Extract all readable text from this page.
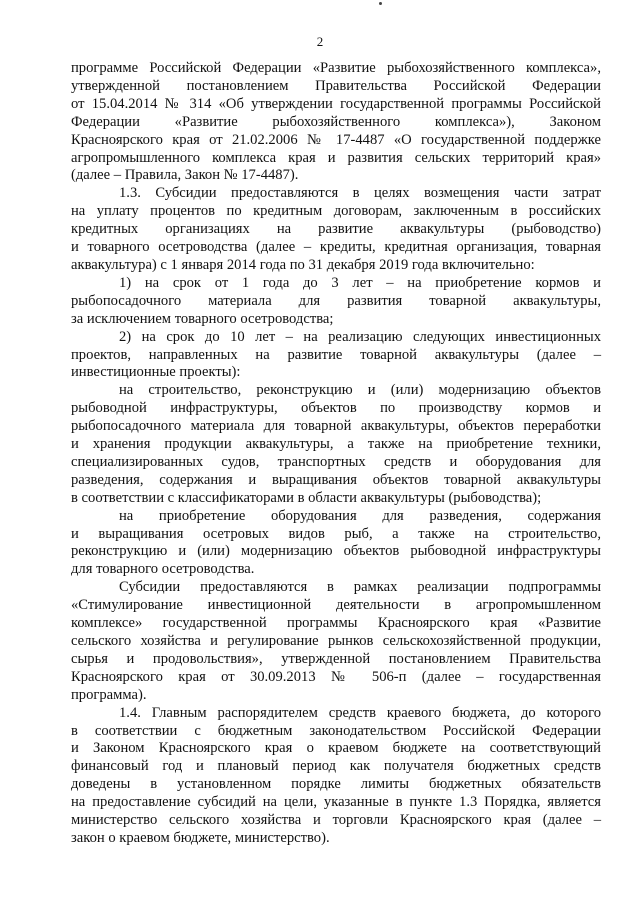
2
программе Российской Федерации «Развитие рыбохозяйственного комплекса»,
утвержденной постановлением Правительства Российской Федерации
от 15.04.2014 № 314 «Об утверждении государственной программы Российской
Федерации «Развитие рыбохозяйственного комплекса»), Законом
Красноярского края от 21.02.2006 № 17-4487 «О государственной поддержке
агропромышленного комплекса края и развития сельских территорий края»
(далее – Правила, Закон № 17-4487).
1.3. Субсидии предоставляются в целях возмещения части затрат
на уплату процентов по кредитным договорам, заключенным в российских
кредитных организациях на развитие аквакультуры (рыбоводство)
и товарного осетроводства (далее – кредиты, кредитная организация, товарная
аквакультура) с 1 января 2014 года по 31 декабря 2019 года включительно:
1) на срок от 1 года до 3 лет – на приобретение кормов и
рыбопосадочного материала для развития товарной аквакультуры,
за исключением товарного осетроводства;
2) на срок до 10 лет – на реализацию следующих инвестиционных
проектов, направленных на развитие товарной аквакультуры (далее –
инвестиционные проекты):
на строительство, реконструкцию и (или) модернизацию объектов
рыбоводной инфраструктуры, объектов по производству кормов и
рыбопосадочного материала для товарной аквакультуры, объектов переработки
и хранения продукции аквакультуры, а также на приобретение техники,
специализированных судов, транспортных средств и оборудования для
разведения, содержания и выращивания объектов товарной аквакультуры
в соответствии с классификаторами в области аквакультуры (рыбоводства);
на приобретение оборудования для разведения, содержания
и выращивания осетровых видов рыб, а также на строительство,
реконструкцию и (или) модернизацию объектов рыбоводной инфраструктуры
для товарного осетроводства.
Субсидии предоставляются в рамках реализации подпрограммы
«Стимулирование инвестиционной деятельности в агропромышленном
комплексе» государственной программы Красноярского края «Развитие
сельского хозяйства и регулирование рынков сельскохозяйственной продукции,
сырья и продовольствия», утвержденной постановлением Правительства
Красноярского края от 30.09.2013 № 506-п (далее – государственная
программа).
1.4. Главным распорядителем средств краевого бюджета, до которого
в соответствии с бюджетным законодательством Российской Федерации
и Законом Красноярского края о краевом бюджете на соответствующий
финансовый год и плановый период как получателя бюджетных средств
доведены в установленном порядке лимиты бюджетных обязательств
на предоставление субсидий на цели, указанные в пункте 1.3 Порядка, является
министерство сельского хозяйства и торговли Красноярского края (далее –
закон о краевом бюджете, министерство).
